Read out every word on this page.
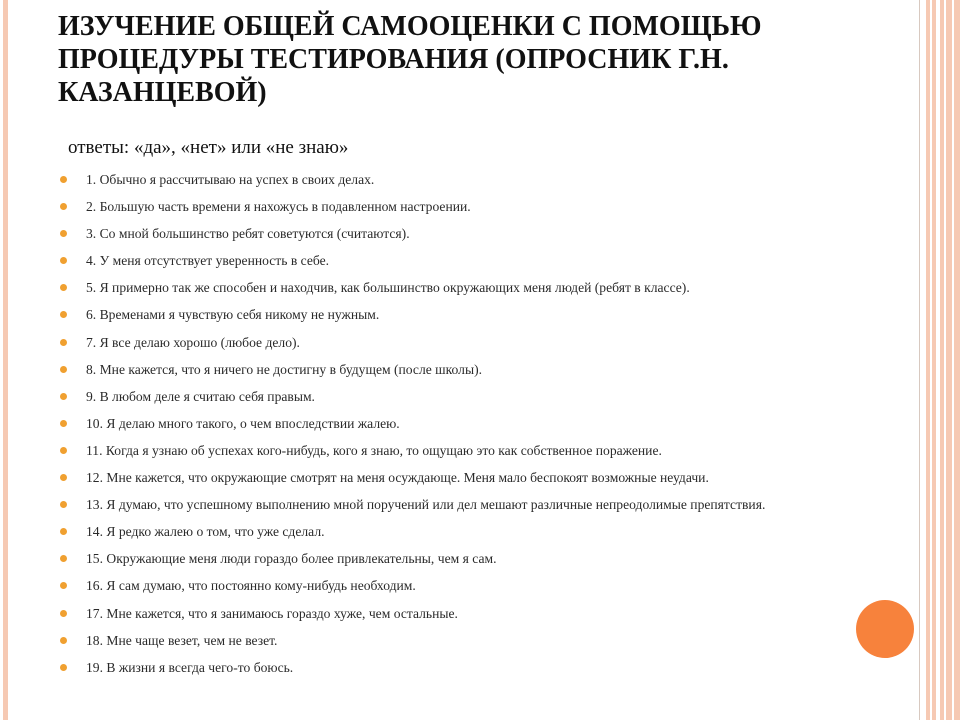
ИЗУЧЕНИЕ ОБЩЕЙ САМООЦЕНКИ С ПОМОЩЬЮ ПРОЦЕДУРЫ ТЕСТИРОВАНИЯ (ОПРОСНИК Г.Н. КАЗАНЦЕВОЙ)
ответы: «да», «нет» или «не знаю»
1. Обычно я рассчитываю на успех в своих делах.
2. Большую часть времени я нахожусь в подавленном настроении.
3. Со мной большинство ребят советуются (считаются).
4. У меня отсутствует уверенность в себе.
5. Я примерно так же способен и находчив, как большинство окружающих меня людей (ребят в классе).
6. Временами я чувствую себя никому не нужным.
7. Я все делаю хорошо (любое дело).
8. Мне кажется, что я ничего не достигну в будущем (после школы).
9. В любом деле я считаю себя правым.
10. Я делаю много такого, о чем впоследствии жалею.
11. Когда я узнаю об успехах кого-нибудь, кого я знаю, то ощущаю это как собственное поражение.
12. Мне кажется, что окружающие смотрят на меня осуждающе. Меня мало беспокоят возможные неудачи.
13. Я думаю, что успешному выполнению мной поручений или дел мешают различные непреодолимые препятствия.
14. Я редко жалею о том, что уже сделал.
15. Окружающие меня люди гораздо более привлекательны, чем я сам.
16. Я сам думаю, что постоянно кому-нибудь необходим.
17. Мне кажется, что я занимаюсь гораздо хуже, чем остальные.
18. Мне чаще везет, чем не везет.
19. В жизни я всегда чего-то боюсь.
